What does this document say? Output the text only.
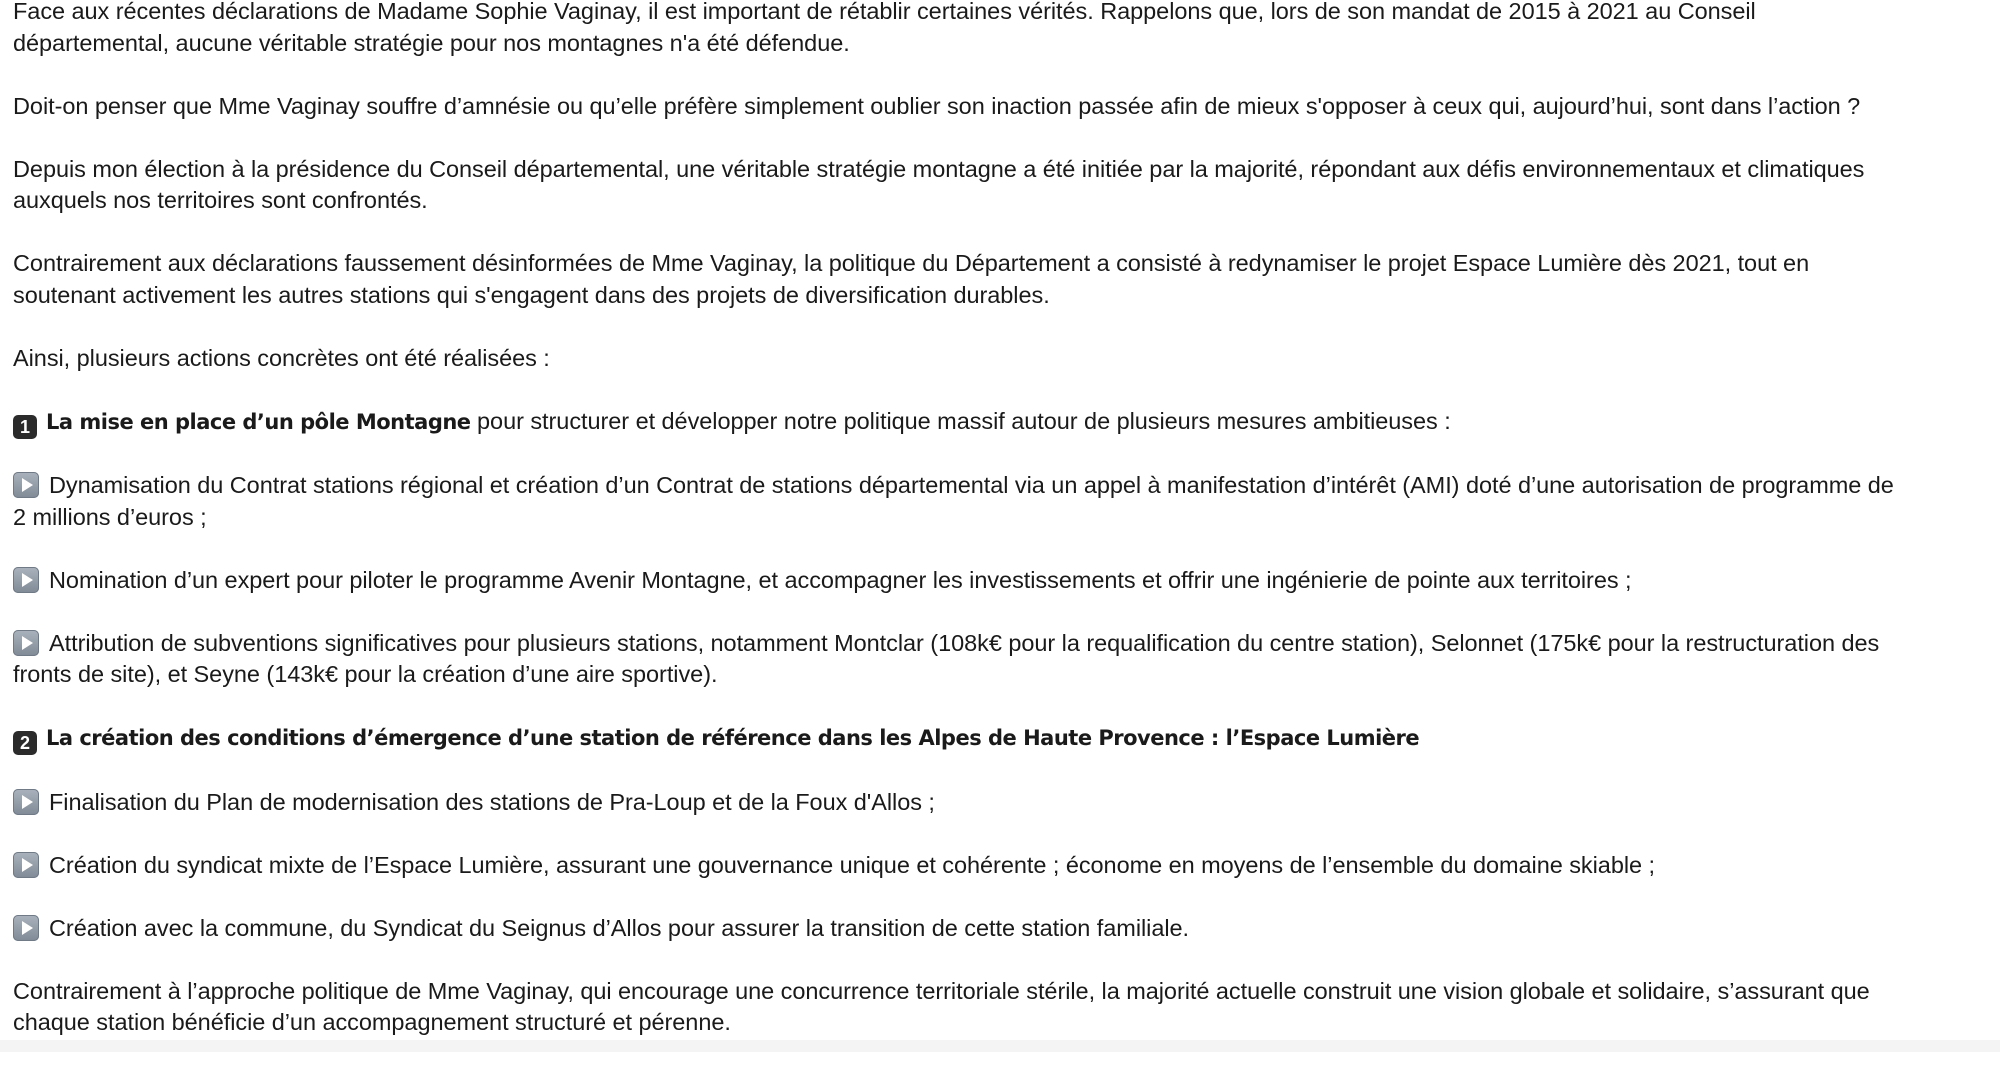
Face aux récentes déclarations de Madame Sophie Vaginay, il est important de rétablir certaines vérités. Rappelons que, lors de son mandat de 2015 à 2021 au Conseil
départemental, aucune véritable stratégie pour nos montagnes n'a été défendue.

Doit-on penser que Mme Vaginay souffre d’amnésie ou qu’elle préfère simplement oublier son inaction passée afin de mieux s'opposer à ceux qui, aujourd’hui, sont dans l’action ?

Depuis mon élection à la présidence du Conseil départemental, une véritable stratégie montagne a été initiée par la majorité, répondant aux défis environnementaux et climatiques
auxquels nos territoires sont confrontés.

Contrairement aux déclarations faussement désinformées de Mme Vaginay, la politique du Département a consisté à redynamiser le projet Espace Lumière dès 2021, tout en
soutenant activement les autres stations qui s'engagent dans des projets de diversification durables.

Ainsi, plusieurs actions concrètes ont été réalisées :

1 La mise en place d’un pôle Montagne pour structurer et développer notre politique massif autour de plusieurs mesures ambitieuses :

Dynamisation du Contrat stations régional et création d’un Contrat de stations départemental via un appel à manifestation d’intérêt (AMI) doté d’une autorisation de programme de
2 millions d’euros ;

Nomination d’un expert pour piloter le programme Avenir Montagne, et accompagner les investissements et offrir une ingénierie de pointe aux territoires ;

Attribution de subventions significatives pour plusieurs stations, notamment Montclar (108k€ pour la requalification du centre station), Selonnet (175k€ pour la restructuration des
fronts de site), et Seyne (143k€ pour la création d’une aire sportive).

2 La création des conditions d’émergence d’une station de référence dans les Alpes de Haute Provence : l’Espace Lumière

Finalisation du Plan de modernisation des stations de Pra-Loup et de la Foux d'Allos ;

Création du syndicat mixte de l’Espace Lumière, assurant une gouvernance unique et cohérente ; économe en moyens de l’ensemble du domaine skiable ;

Création avec la commune, du Syndicat du Seignus d’Allos pour assurer la transition de cette station familiale.

Contrairement à l’approche politique de Mme Vaginay, qui encourage une concurrence territoriale stérile, la majorité actuelle construit une vision globale et solidaire, s’assurant que
chaque station bénéficie d’un accompagnement structuré et pérenne.
